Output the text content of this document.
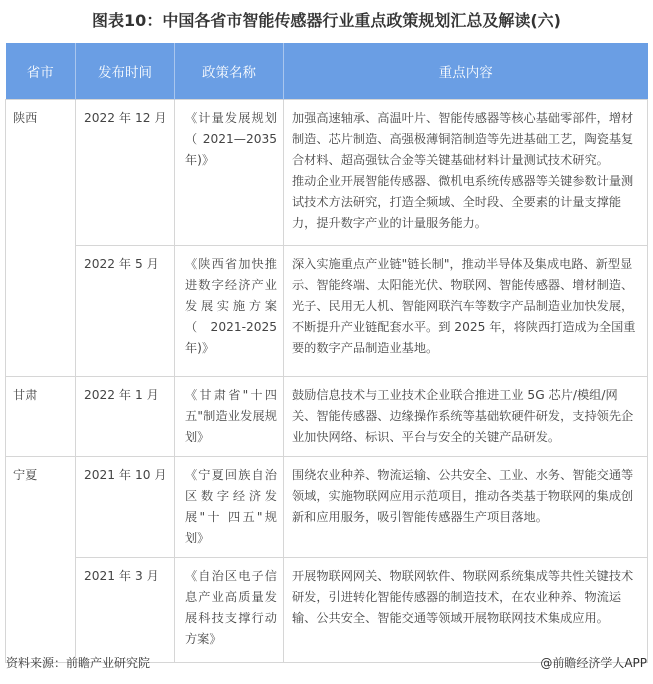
图表10：中国各省市智能传感器行业重点政策规划汇总及解读(六)
省市	发布时间	政策名称	重点内容
陕西	2022 年 12 月	《计量发展规划（2021—2035年)》	加强高速轴承、高温叶片、智能传感器等核心基础零部件，增材制造、芯片制造、高强极薄铜箔制造等先进基础工艺，陶瓷基复合材料、超高强钛合金等关键基础材料计量测试技术研究。
推动企业开展智能传感器、微机电系统传感器等关键参数计量测试技术方法研究，打造全频域、全时段、全要素的计量支撑能力，提升数字产业的计量服务能力。

	2022 年 5 月	《陕西省加快推进数字经济产业发展实施方案（2021-2025年)》	深入实施重点产业链"链长制"，推动半导体及集成电路、新型显示、智能终端、太阳能光伏、物联网、智能传感器、增材制造、光子、民用无人机、智能网联汽车等数字产品制造业加快发展，不断提升产业链配套水平。到 2025 年，将陕西打造成为全国重要的数字产品制造业基地。
甘肃	2022 年 1 月	《甘肃省"十四五"制造业发展规划》	鼓励信息技术与工业技术企业联合推进工业 5G 芯片/模组/网关、智能传感器、边缘操作系统等基础软硬件研发，支持领先企业加快网络、标识、平台与安全的关键产品研发。
宁夏	2021 年 10 月	《宁夏回族自治区数字经济发展"十 四五"规划》	围绕农业种养、物流运输、公共安全、工业、水务、智能交通等领域，实施物联网应用示范项目，推动各类基于物联网的集成创新和应用服务，吸引智能传感器生产项目落地。
	2021 年 3 月	《自治区电子信息产业高质量发展科技支撑行动方案》	开展物联网网关、物联网软件、物联网系统集成等共性关键技术研发，引进转化智能传感器的制造技术，在农业种养、物流运输、公共安全、智能交通等领域开展物联网技术集成应用。
资料来源：前瞻产业研究院	@前瞻经济学人APP
